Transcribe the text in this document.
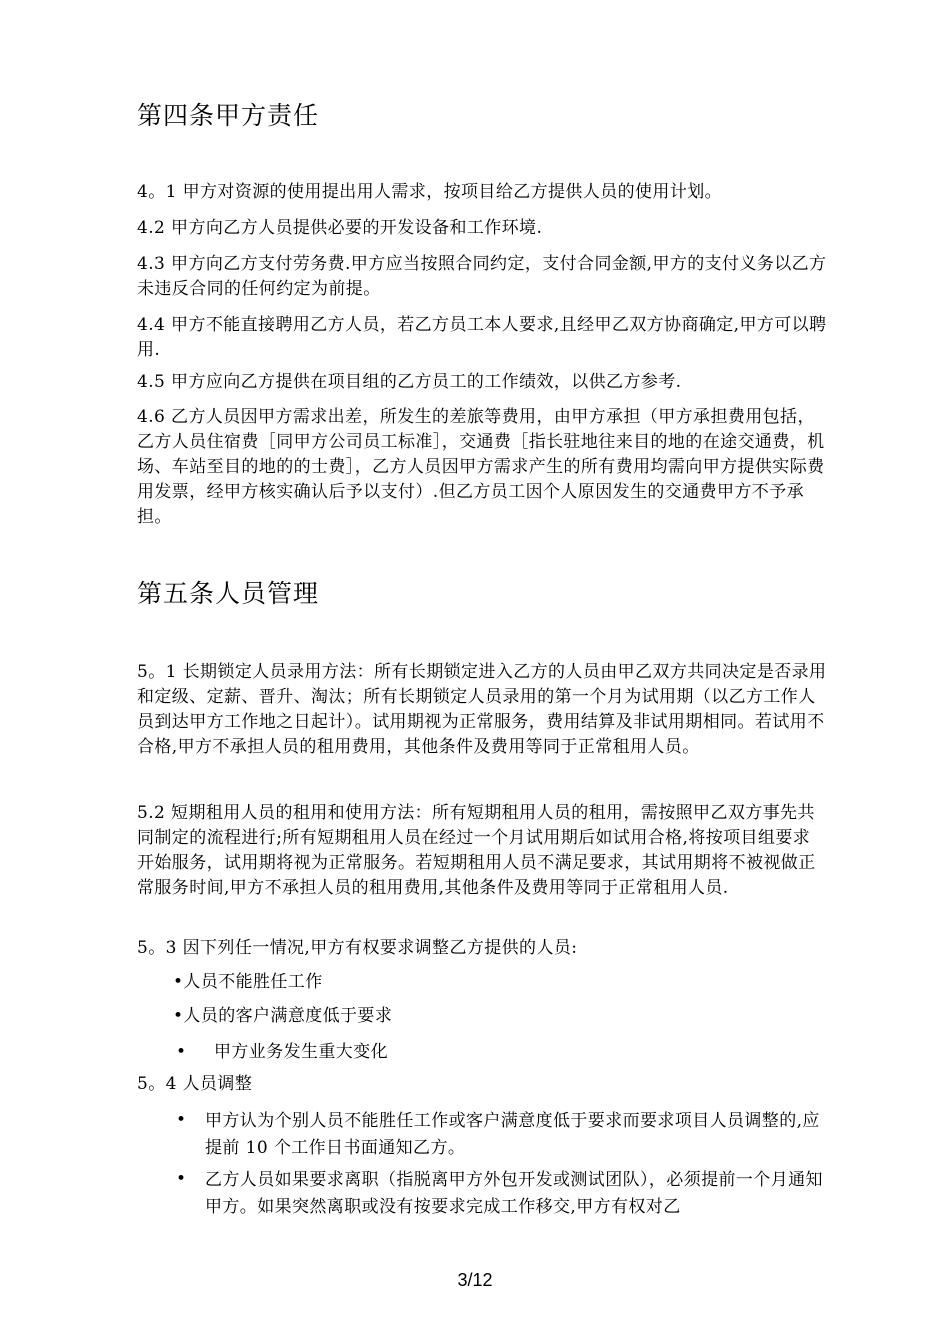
第四条甲方责任

4。1 甲方对资源的使用提出用人需求，按项目给乙方提供人员的使用计划。

4.2 甲方向乙方人员提供必要的开发设备和工作环境.

4.3 甲方向乙方支付劳务费.甲方应当按照合同约定，支付合同金额,甲方的支付义务以乙方未违反合同的任何约定为前提。

4.4 甲方不能直接聘用乙方人员，若乙方员工本人要求,且经甲乙双方协商确定,甲方可以聘用.

4.5 甲方应向乙方提供在项目组的乙方员工的工作绩效，以供乙方参考.

4.6 乙方人员因甲方需求出差，所发生的差旅等费用，由甲方承担（甲方承担费用包括，乙方人员住宿费［同甲方公司员工标准］，交通费［指长驻地往来目的地的在途交通费，机场、车站至目的地的的士费］，乙方人员因甲方需求产生的所有费用均需向甲方提供实际费用发票，经甲方核实确认后予以支付）.但乙方员工因个人原因发生的交通费甲方不予承担。

第五条人员管理

5。1 长期锁定人员录用方法：所有长期锁定进入乙方的人员由甲乙双方共同决定是否录用和定级、定薪、晋升、淘汰；所有长期锁定人员录用的第一个月为试用期（以乙方工作人员到达甲方工作地之日起计）。试用期视为正常服务，费用结算及非试用期相同。若试用不合格,甲方不承担人员的租用费用，其他条件及费用等同于正常租用人员。

5.2 短期租用人员的租用和使用方法：所有短期租用人员的租用，需按照甲乙双方事先共同制定的流程进行;所有短期租用人员在经过一个月试用期后如试用合格,将按项目组要求开始服务，试用期将视为正常服务。若短期租用人员不满足要求，其试用期将不被视做正常服务时间,甲方不承担人员的租用费用,其他条件及费用等同于正常租用人员.

5。3 因下列任一情况,甲方有权要求调整乙方提供的人员:

•人员不能胜任工作

•人员的客户满意度低于要求

• 甲方业务发生重大变化

5。4 人员调整

• 甲方认为个别人员不能胜任工作或客户满意度低于要求而要求项目人员调整的,应提前 10 个工作日书面通知乙方。

• 乙方人员如果要求离职（指脱离甲方外包开发或测试团队），必须提前一个月通知甲方。如果突然离职或没有按要求完成工作移交,甲方有权对乙

3/12
